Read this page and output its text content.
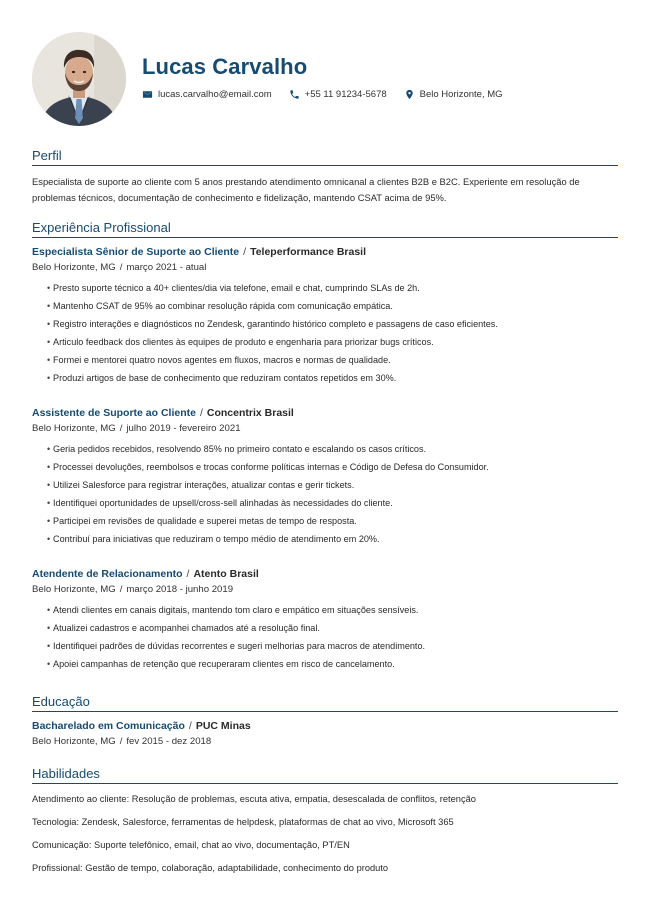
Lucas Carvalho
lucas.carvalho@email.com	+55 11 91234-5678	Belo Horizonte, MG
Perfil

Especialista de suporte ao cliente com 5 anos prestando atendimento omnicanal a clientes B2B e B2C. Experiente em resolução de problemas técnicos, documentação de conhecimento e fidelização, mantendo CSAT acima de 95%.

Experiência Profissional
Especialista Sênior de Suporte ao Cliente / Teleperformance Brasil
Belo Horizonte, MG / março 2021 - atual
• Presto suporte técnico a 40+ clientes/dia via telefone, email e chat, cumprindo SLAs de 2h.
• Mantenho CSAT de 95% ao combinar resolução rápida com comunicação empática.
• Registro interações e diagnósticos no Zendesk, garantindo histórico completo e passagens de caso eficientes.
• Articulo feedback dos clientes às equipes de produto e engenharia para priorizar bugs críticos.
• Formei e mentorei quatro novos agentes em fluxos, macros e normas de qualidade.
• Produzi artigos de base de conhecimento que reduziram contatos repetidos em 30%.
Assistente de Suporte ao Cliente / Concentrix Brasil
Belo Horizonte, MG / julho 2019 - fevereiro 2021
• Geria pedidos recebidos, resolvendo 85% no primeiro contato e escalando os casos críticos.
• Processei devoluções, reembolsos e trocas conforme políticas internas e Código de Defesa do Consumidor.
• Utilizei Salesforce para registrar interações, atualizar contas e gerir tickets.
• Identifiquei oportunidades de upsell/cross-sell alinhadas às necessidades do cliente.
• Participei em revisões de qualidade e superei metas de tempo de resposta.
• Contribuí para iniciativas que reduziram o tempo médio de atendimento em 20%.
Atendente de Relacionamento / Atento Brasil
Belo Horizonte, MG / março 2018 - junho 2019
• Atendi clientes em canais digitais, mantendo tom claro e empático em situações sensíveis.
• Atualizei cadastros e acompanhei chamados até a resolução final.
• Identifiquei padrões de dúvidas recorrentes e sugeri melhorias para macros de atendimento.
• Apoiei campanhas de retenção que recuperaram clientes em risco de cancelamento.
Educação
Bacharelado em Comunicação / PUC Minas
Belo Horizonte, MG / fev 2015 - dez 2018
Habilidades
Atendimento ao cliente: Resolução de problemas, escuta ativa, empatia, desescalada de conflitos, retenção
Tecnologia: Zendesk, Salesforce, ferramentas de helpdesk, plataformas de chat ao vivo, Microsoft 365
Comunicação: Suporte telefônico, email, chat ao vivo, documentação, PT/EN
Profissional: Gestão de tempo, colaboração, adaptabilidade, conhecimento do produto
